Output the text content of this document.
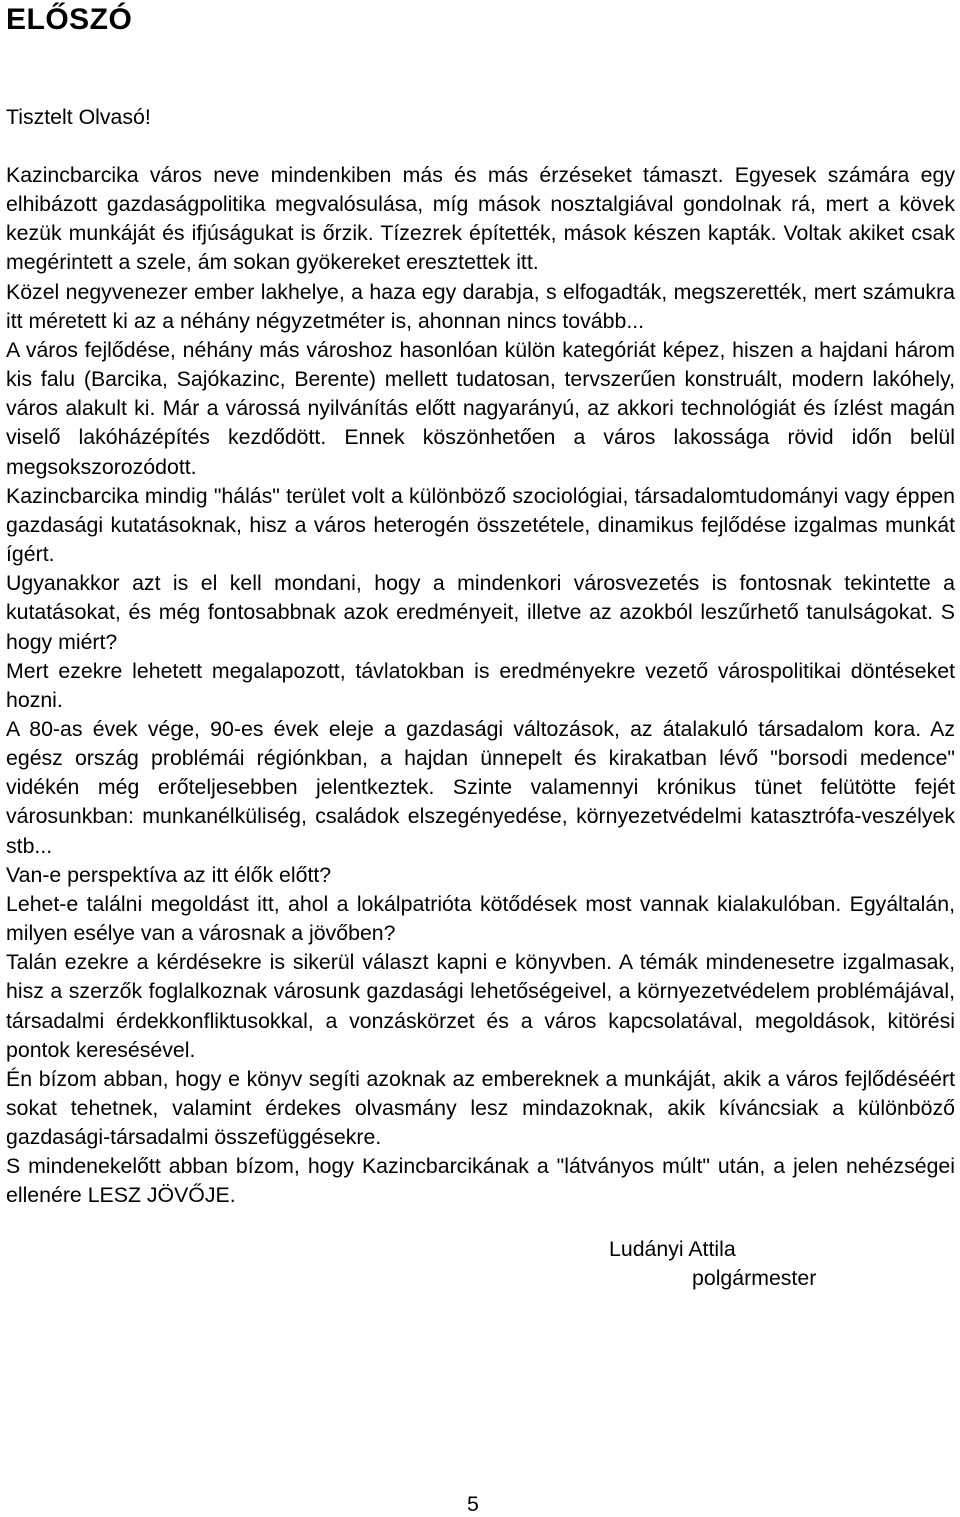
ELŐSZÓ

Tisztelt Olvasó!

Kazincbarcika város neve mindenkiben más és más érzéseket támaszt. Egyesek számára egy elhibázott gazdaságpolitika megvalósulása, míg mások nosztalgiával gondolnak rá, mert a kövek kezük munkáját és ifjúságukat is őrzik. Tízezrek építették, mások készen kapták. Voltak akiket csak megérintett a szele, ám sokan gyökereket eresztettek itt.

Közel negyvenezer ember lakhelye, a haza egy darabja, s elfogadták, megszerették, mert számukra itt méretett ki az a néhány négyzetméter is, ahonnan nincs tovább...

A város fejlődése, néhány más városhoz hasonlóan külön kategóriát képez, hiszen a hajdani három kis falu (Barcika, Sajókazinc, Berente) mellett tudatosan, tervszerűen konstruált, modern lakóhely, város alakult ki. Már a várossá nyilvánítás előtt nagyarányú, az akkori technológiát és ízlést magán viselő lakóházépítés kezdődött. Ennek köszönhetően a város lakossága rövid időn belül megsokszorozódott.

Kazincbarcika mindig "hálás" terület volt a különböző szociológiai, társadalomtudományi vagy éppen gazdasági kutatásoknak, hisz a város heterogén összetétele, dinamikus fejlődése izgalmas munkát ígért.

Ugyanakkor azt is el kell mondani, hogy a mindenkori városvezetés is fontosnak tekintette a kutatásokat, és még fontosabbnak azok eredményeit, illetve az azokból leszűrhető tanulságokat. S hogy miért?

Mert ezekre lehetett megalapozott, távlatokban is eredményekre vezető várospolitikai döntéseket hozni.

A 80-as évek vége, 90-es évek eleje a gazdasági változások, az átalakuló társadalom kora. Az egész ország problémái régiónkban, a hajdan ünnepelt és kirakatban lévő "borsodi medence" vidékén még erőteljesebben jelentkeztek. Szinte valamennyi krónikus tünet felütötte fejét városunkban: munkanélküliség, családok elszegényedése, környezetvédelmi katasztrófa-veszélyek stb...

Van-e perspektíva az itt élők előtt?

Lehet-e találni megoldást itt, ahol a lokálpatrióta kötődések most vannak kialakulóban. Egyáltalán, milyen esélye van a városnak a jövőben?

Talán ezekre a kérdésekre is sikerül választ kapni e könyvben. A témák mindenesetre izgalmasak, hisz a szerzők foglalkoznak városunk gazdasági lehetőségeivel, a környezetvédelem problémájával, társadalmi érdekkonfliktusokkal, a vonzáskörzet és a város kapcsolatával, megoldások, kitörési pontok keresésével.

Én bízom abban, hogy e könyv segíti azoknak az embereknek a munkáját, akik a város fejlődéséért sokat tehetnek, valamint érdekes olvasmány lesz mindazoknak, akik kíváncsiak a különböző gazdasági-társadalmi összefüggésekre.

S mindenekelőtt abban bízom, hogy Kazincbarcikának a "látványos múlt" után, a jelen nehézségei ellenére LESZ JÖVŐJE.

Ludányi Attila
polgármester
5
